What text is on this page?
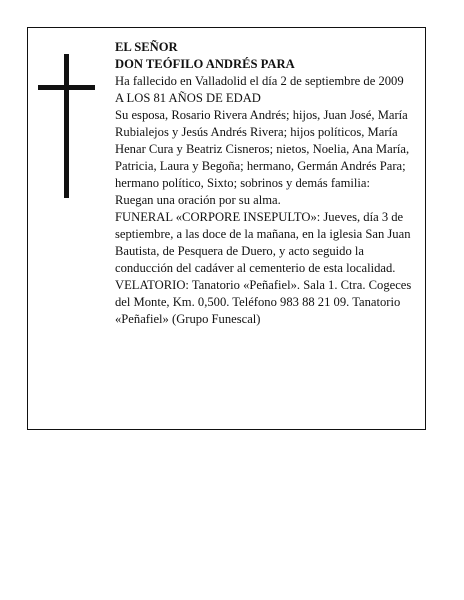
EL SEÑOR

DON TEÓFILO ANDRÉS PARA

Ha fallecido en Valladolid el día 2 de septiembre de 2009

A LOS 81 AÑOS DE EDAD

Su esposa, Rosario Rivera Andrés; hijos, Juan José, María Rubialejos y Jesús Andrés Rivera; hijos políticos, María Henar Cura y Beatriz Cisneros; nietos, Noelia, Ana María, Patricia, Laura y Begoña; hermano, Germán Andrés Para; hermano político, Sixto; sobrinos y demás familia:

Ruegan una oración por su alma.

FUNERAL «CORPORE INSEPULTO»: Jueves, día 3 de septiembre, a las doce de la mañana, en la iglesia San Juan Bautista, de Pesquera de Duero, y acto seguido la conducción del cadáver al cementerio de esta localidad.

VELATORIO: Tanatorio «Peñafiel». Sala 1. Ctra. Cogeces del Monte, Km. 0,500. Teléfono 983 88 21 09. Tanatorio «Peñafiel» (Grupo Funescal)
